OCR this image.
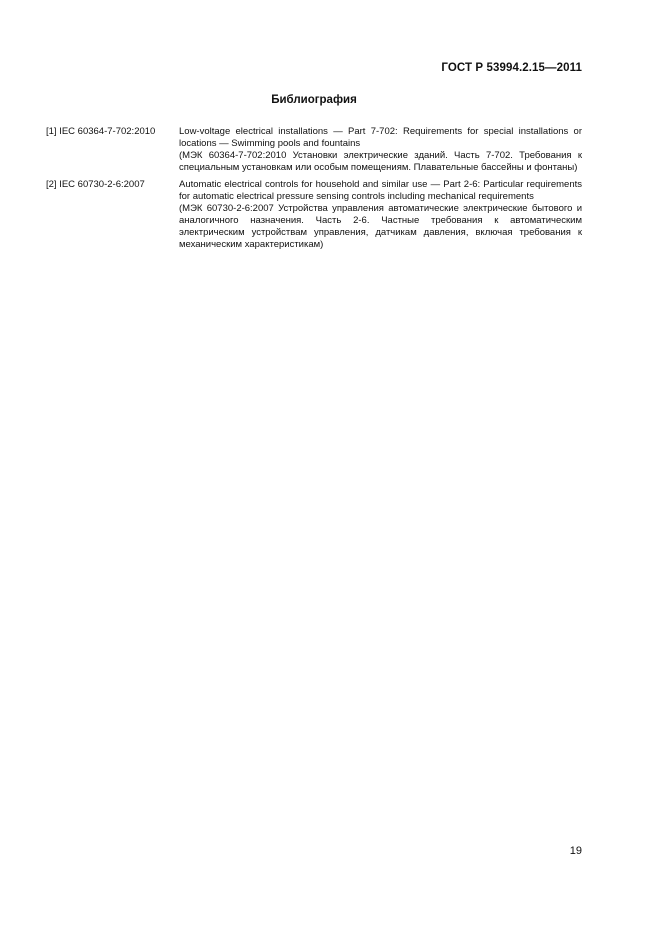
ГОСТ Р 53994.2.15—2011
Библиография
[1] IEC 60364-7-702:2010	Low-voltage electrical installations — Part 7-702: Requirements for special installations or locations — Swimming pools and fountains

(МЭК 60364-7-702:2010 Установки электрические зданий. Часть 7-702. Требования к специальным установкам или особым помещениям. Плавательные бассейны и фонтаны)

[2] IEC 60730-2-6:2007	Automatic electrical controls for household and similar use — Part 2-6: Particular requirements for automatic electrical pressure sensing controls including mechanical requirements

(МЭК 60730-2-6:2007 Устройства управления автоматические электрические бытового и аналогичного назначения. Часть 2-6. Частные требования к автоматическим электрическим устройствам управления, датчикам давления, включая требования к механическим характеристикам)

19
